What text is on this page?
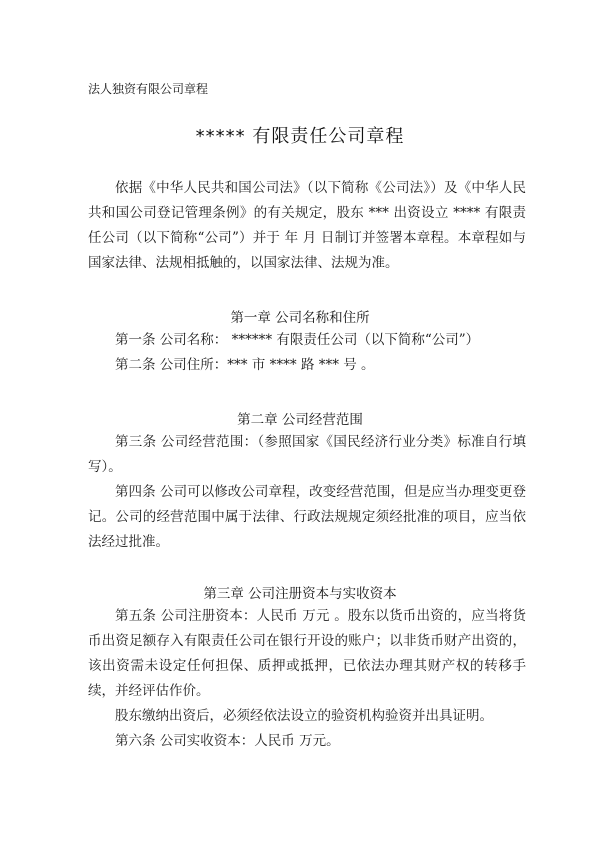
法人独资有限公司章程
***** 有限责任公司章程

依据《中华人民共和国公司法》（以下简称《公司法》）及《中华人民共和国公司登记管理条例》的有关规定，股东 *** 出资设立 **** 有限责任公司（以下简称“公司”）并于 年 月 日制订并签署本章程。本章程如与国家法律、法规相抵触的，以国家法律、法规为准。

第一章 公司名称和住所

第一条 公司名称： ****** 有限责任公司（以下简称“公司”）

第二条 公司住所：*** 市 **** 路 *** 号 。

第二章 公司经营范围

第三条 公司经营范围：（参照国家《国民经济行业分类》标准自行填写）。

第四条 公司可以修改公司章程，改变经营范围，但是应当办理变更登记。公司的经营范围中属于法律、行政法规规定须经批准的项目，应当依法经过批准。

第三章 公司注册资本与实收资本

第五条 公司注册资本：人民币 万元 。股东以货币出资的，应当将货币出资足额存入有限责任公司在银行开设的账户；以非货币财产出资的，该出资需未设定任何担保、质押或抵押，已依法办理其财产权的转移手续，并经评估作价。

股东缴纳出资后，必须经依法设立的验资机构验资并出具证明。

第六条 公司实收资本：人民币 万元。
